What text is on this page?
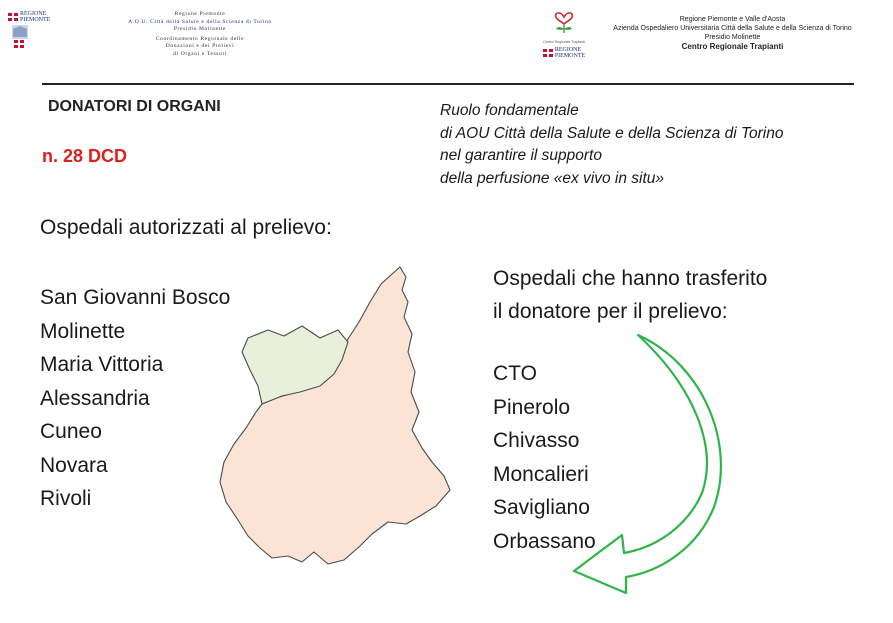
REGIONE
PIEMONTE
Regione Piemonte
A.O.U. Città della Salute e della Scienza di Torino
Presidio Molinette
Coordinamento Regionale delle
Donazioni e dei Prelievi
di Organi e Tessuti
Centro Regionale Trapianti
REGIONE
PIEMONTE
Regione Piemonte e Valle d'Aosta
Azienda Ospedaliero Universitaria Città della Salute e della Scienza di Torino
Presidio Molinette
Centro Regionale Trapianti
DONATORI DI ORGANI
n. 28 DCD
Ruolo fondamentale
di AOU Città della Salute e della Scienza di Torino
nel garantire il supporto
della perfusione «ex vivo in situ»
Ospedali autorizzati al prelievo:
San Giovanni Bosco
Molinette
Maria Vittoria
Alessandria
Cuneo
Novara
Rivoli
Ospedali che hanno trasferito
il donatore per il prelievo:
CTO
Pinerolo
Chivasso
Moncalieri
Savigliano
Orbassano
